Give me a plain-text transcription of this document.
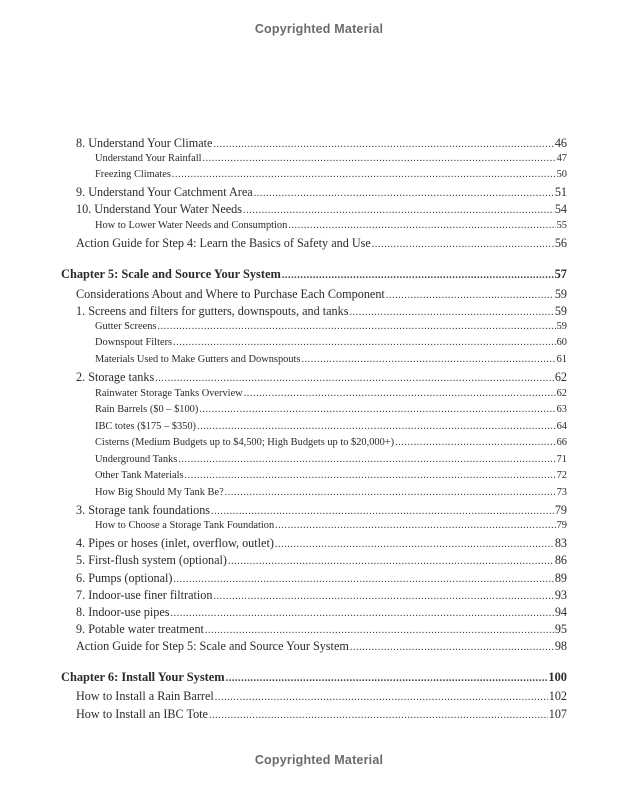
Copyrighted Material
8. Understand Your Climate .....	46
Understand Your Rainfall .....	47
Freezing Climates .....	50
9. Understand Your Catchment Area .....	51
10. Understand Your Water Needs .....	54
How to Lower Water Needs and Consumption .....	55
Action Guide for Step 4: Learn the Basics of Safety and Use .....	56
Chapter 5: Scale and Source Your System .....	57
Considerations About and Where to Purchase Each Component .....	59
1. Screens and filters for gutters, downspouts, and tanks .....	59
Gutter Screens .....	59
Downspout Filters .....	60
Materials Used to Make Gutters and Downspouts .....	61
2. Storage tanks .....	62
Rainwater Storage Tanks Overview .....	62
Rain Barrels ($0 – $100) .....	63
IBC totes ($175 – $350) .....	64
Cisterns (Medium Budgets up to $4,500; High Budgets up to $20,000+) .....	66
Underground Tanks .....	71
Other Tank Materials .....	72
How Big Should My Tank Be? .....	73
3. Storage tank foundations .....	79
How to Choose a Storage Tank Foundation .....	79
4. Pipes or hoses (inlet, overflow, outlet) .....	83
5. First-flush system (optional) .....	86
6. Pumps (optional) .....	89
7. Indoor-use finer filtration .....	93
8. Indoor-use pipes .....	94
9. Potable water treatment .....	95
Action Guide for Step 5: Scale and Source Your System .....	98
Chapter 6: Install Your System .....	100
How to Install a Rain Barrel .....	102
How to Install an IBC Tote .....	107
Copyrighted Material
